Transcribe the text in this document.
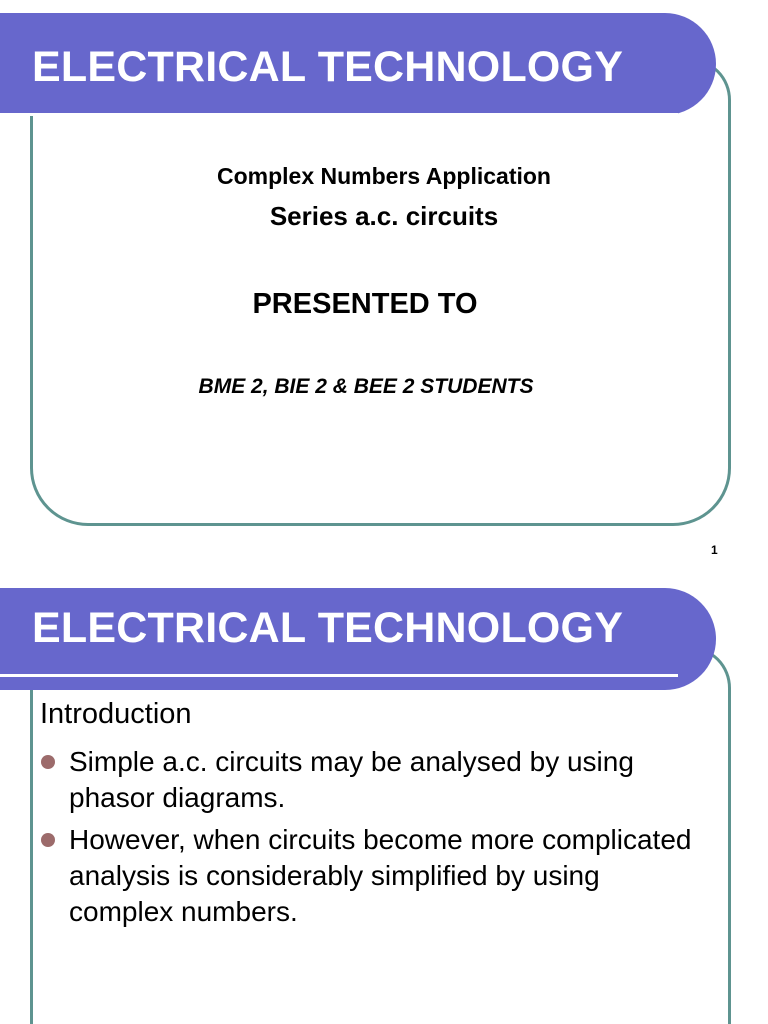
ELECTRICAL TECHNOLOGY

Complex Numbers Application

Series a.c. circuits

PRESENTED TO

BME 2, BIE 2 & BEE 2 STUDENTS

1
ELECTRICAL TECHNOLOGY
Introduction
Simple a.c. circuits may be analysed by using phasor diagrams.
However, when circuits become more complicated analysis is considerably simplified by using complex numbers.
